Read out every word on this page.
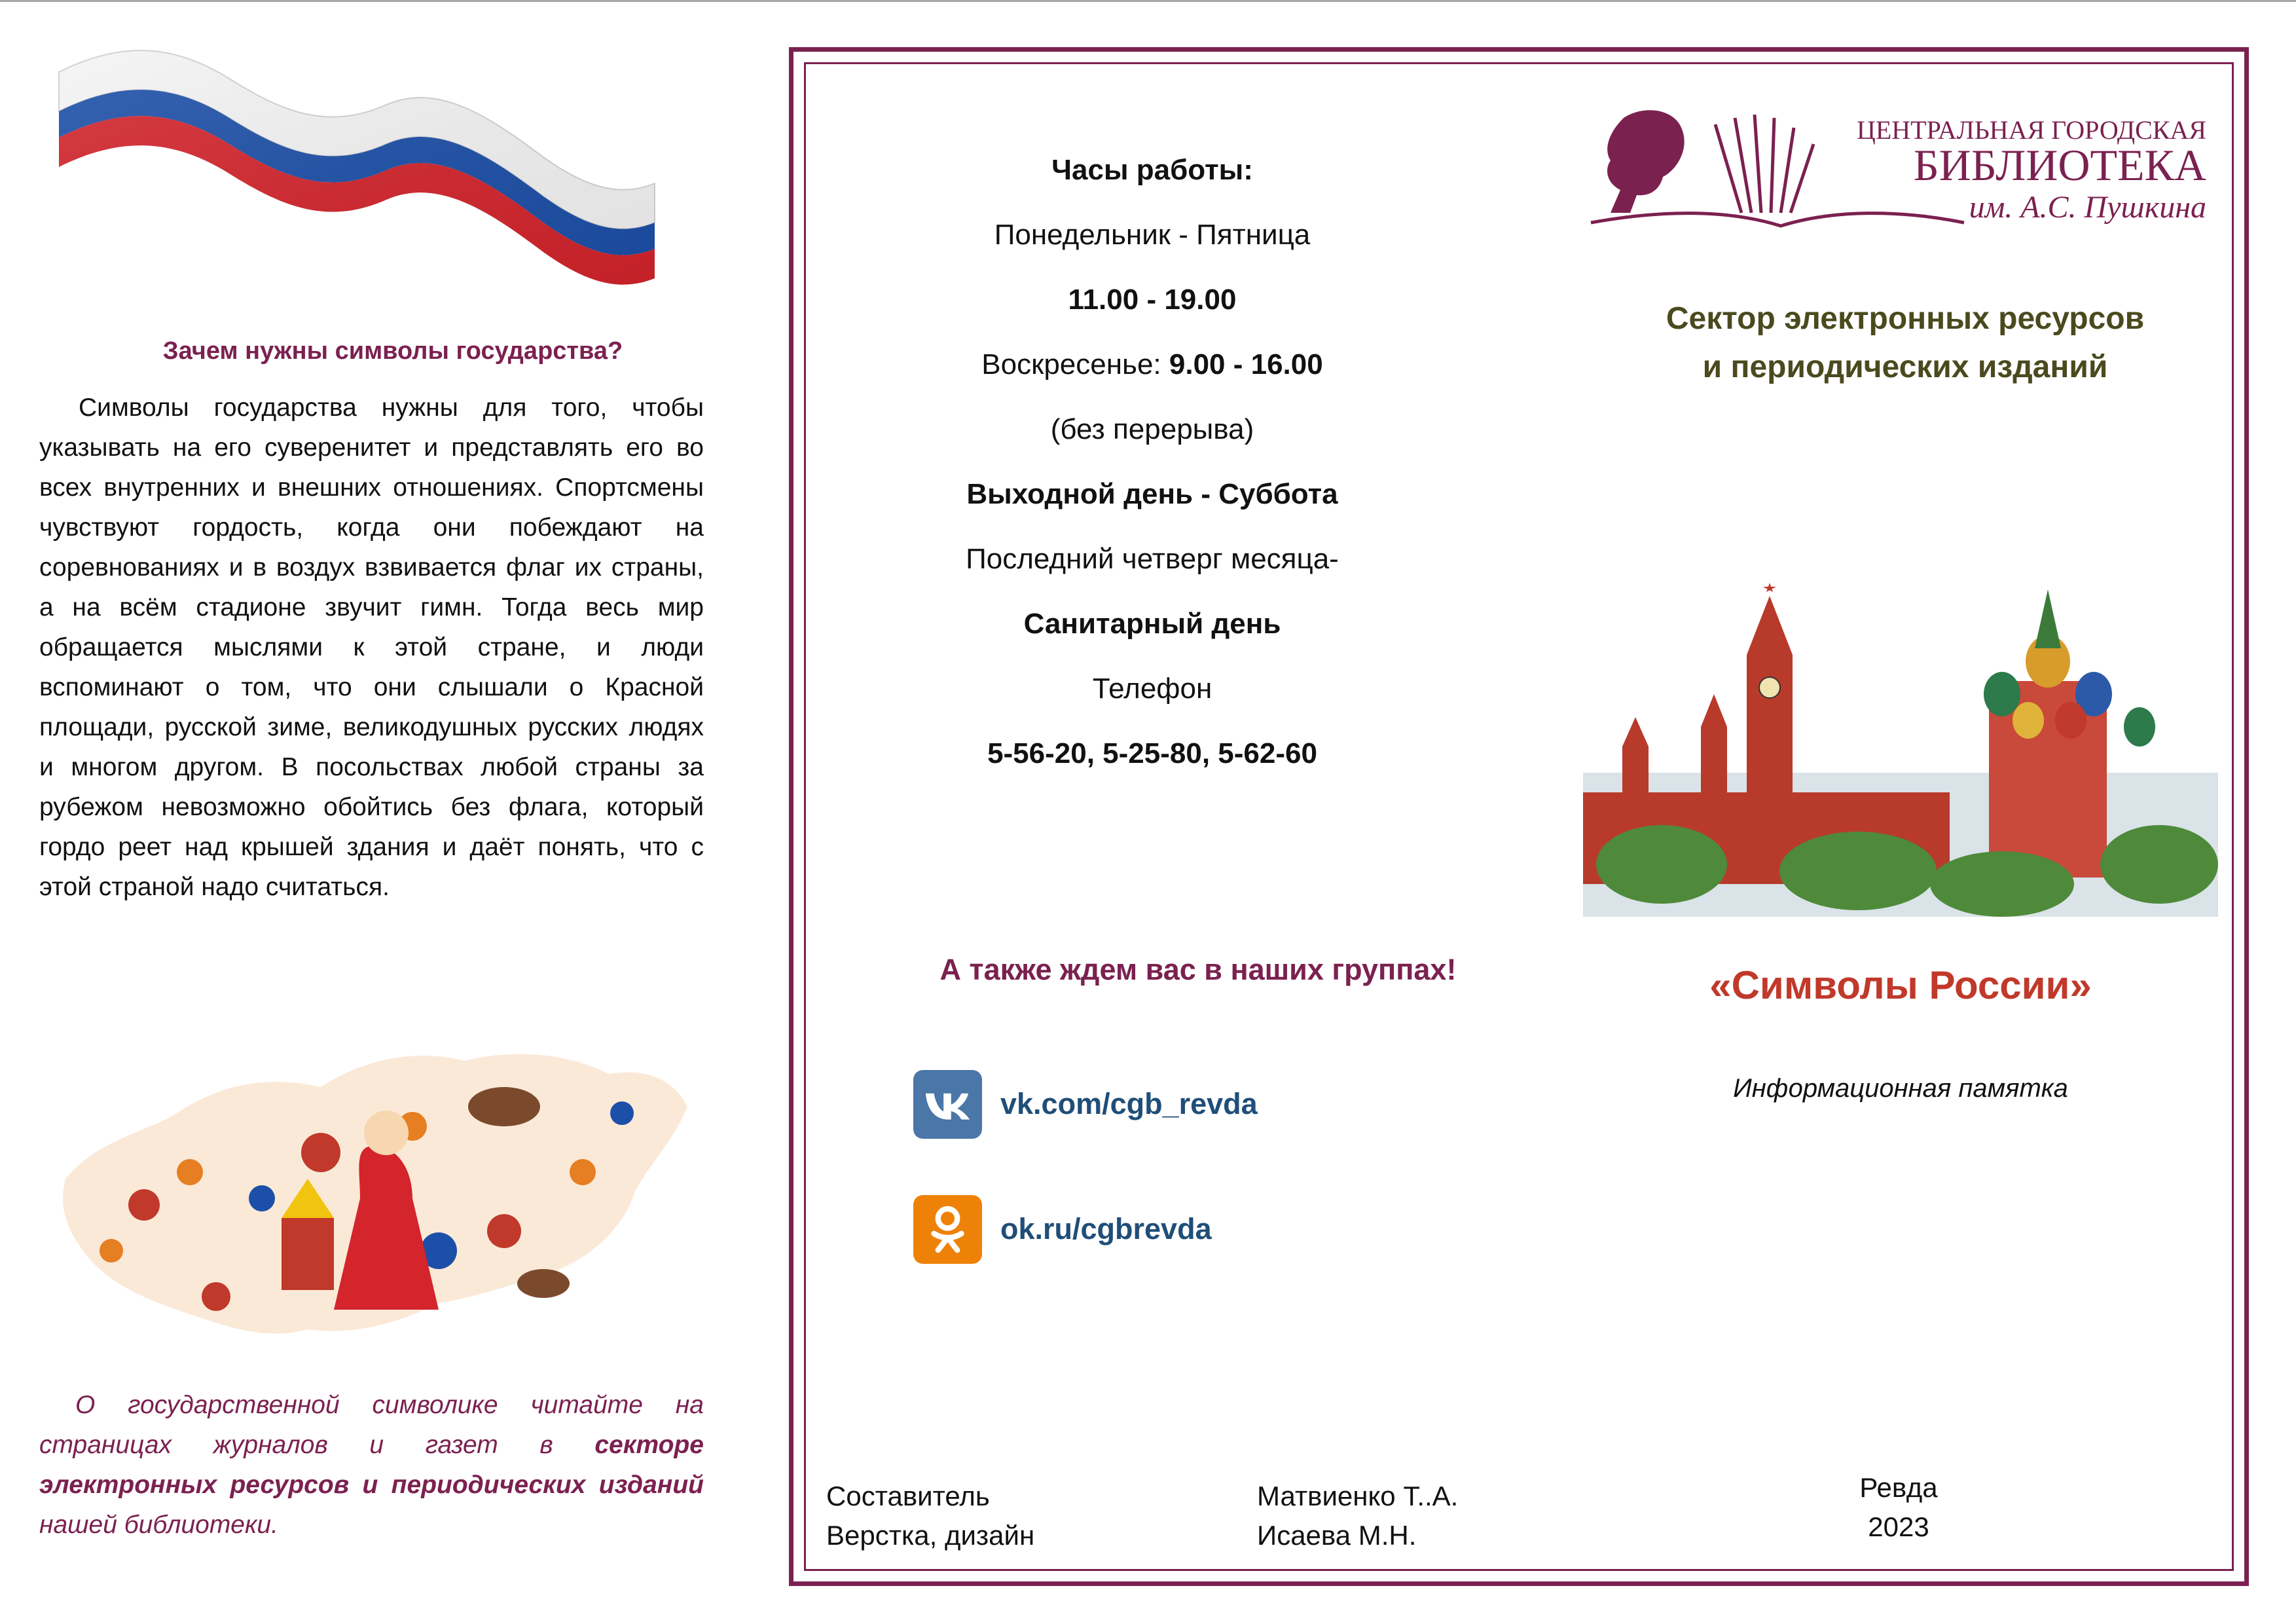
Зачем нужны символы государства?
Символы государства нужны для того, чтобы указывать на его суверенитет и представлять его во всех внутренних и внешних отношениях. Спортсмены чувствуют гордость, когда они побеждают на соревнованиях и в воздух взвивается флаг их страны, а на всём стадионе звучит гимн. Тогда весь мир обращается мыслями к этой стране, и люди вспоминают о том, что они слышали о Красной площади, русской зиме, великодушных русских людях и многом другом. В посольствах любой страны за рубежом невозможно обойтись без флага, который гордо реет над крышей здания и даёт понять, что с этой страной надо считаться.
О государственной символике читайте на страницах журналов и газет в секторе электронных ресурсов и периодических изданий нашей библиотеки.
Часы работы:
Понедельник - Пятница
11.00 - 19.00
Воскресенье: 9.00 - 16.00
(без перерыва)
Выходной день - Суббота
Последний четверг месяца-
Санитарный день
Телефон
5-56-20, 5-25-80, 5-62-60
А также ждем вас в наших группах!
vk.com/cgb_revda
ok.ru/cgbrevda
Составитель
Верстка, дизайн
Матвиенко Т..А.
Исаева М.Н.
Ревда
2023
ЦЕНТРАЛЬНАЯ ГОРОДСКАЯ
БИБЛИОТЕКА
им. А.С. Пушкина
Сектор электронных ресурсов
и периодических изданий
«Символы России»
Информационная памятка
